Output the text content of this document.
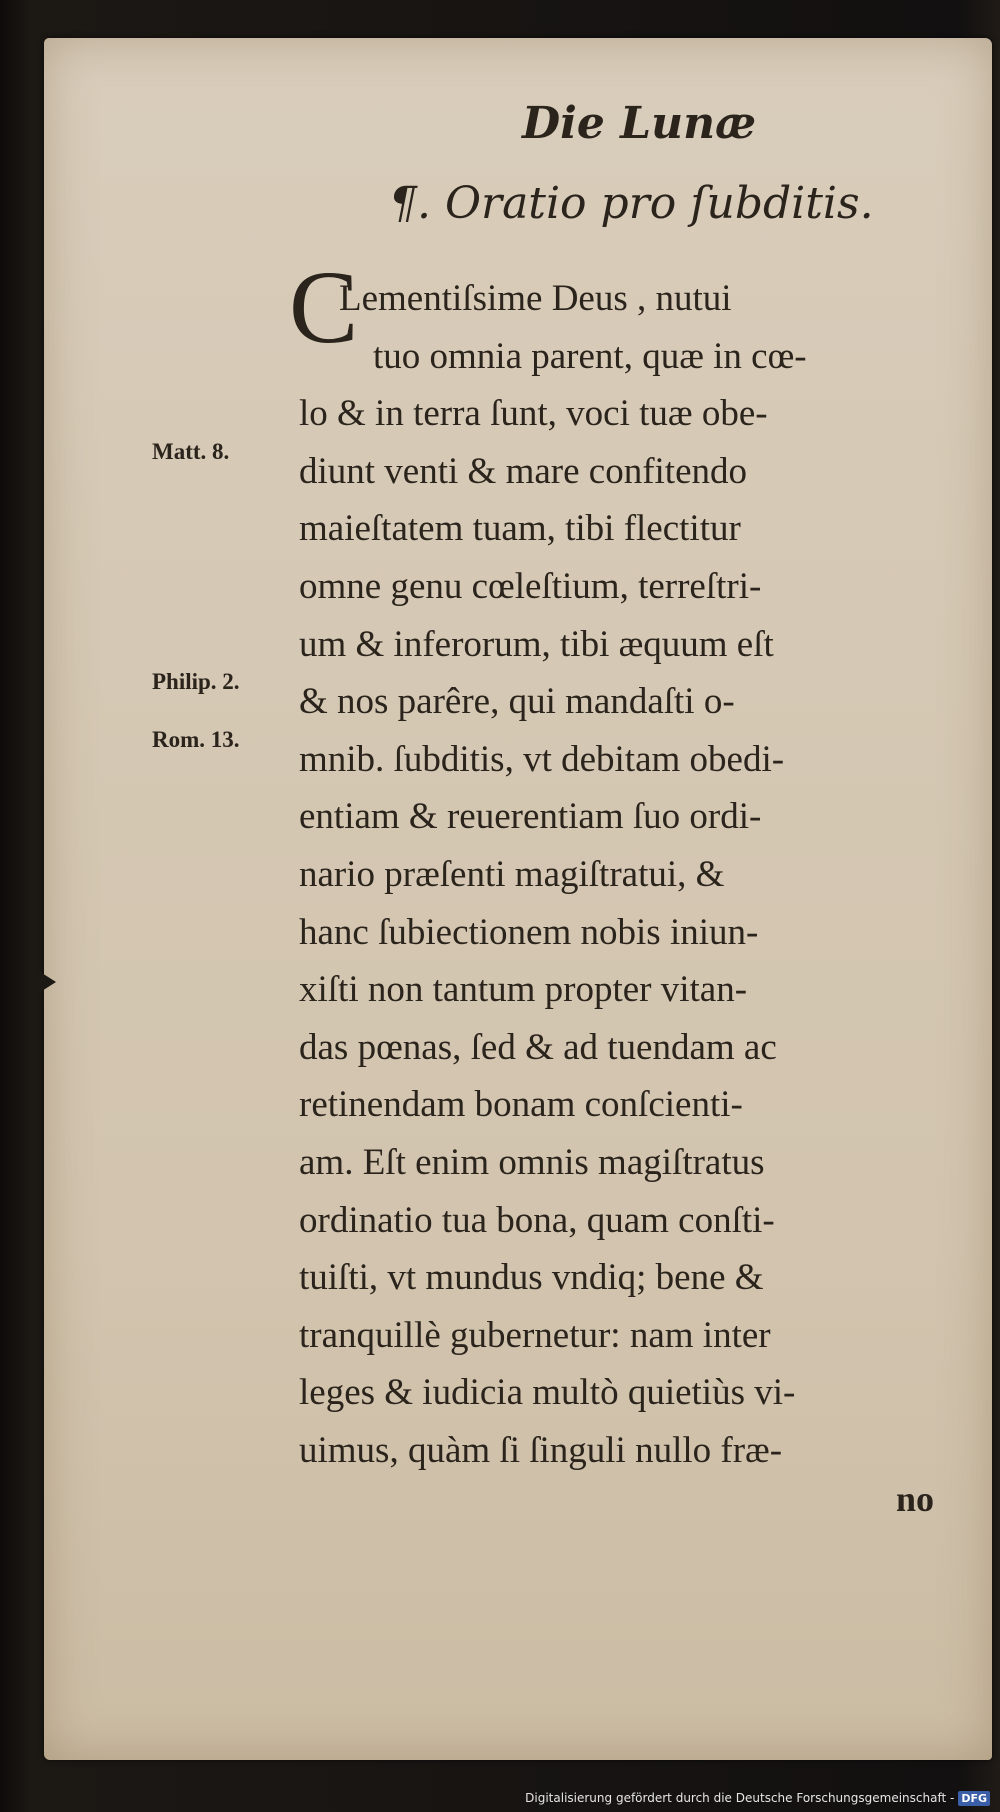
Die Lunæ

¶. Oratio pro ſubditis.

C
Lementiſsime Deus , nutui
tuo omnia parent, quæ in cœ-
lo & in terra ſunt, voci tuæ obe-
diunt venti & mare confitendo
maieſtatem tuam, tibi flectitur
omne genu cœleſtium, terreſtri-
um & inferorum, tibi æquum eſt
& nos parêre, qui mandaſti o-
mnib. ſubditis, vt debitam obedi-
entiam & reuerentiam ſuo ordi-
nario præſenti magiſtratui, &
hanc ſubiectionem nobis iniun-
xiſti non tantum propter vitan-
das pœnas, ſed & ad tuendam ac
retinendam bonam conſcienti-
am. Eſt enim omnis magiſtratus
ordinatio tua bona, quam conſti-
tuiſti, vt mundus vndiq; bene &
tranquillè gubernetur: nam inter
leges & iudicia multò quietiùs vi-
uimus, quàm ſi ſinguli nullo fræ-
Matt. 8.
Philip. 2.
Rom. 13.
no
Digitalisierung gefördert durch die Deutsche Forschungsgemeinschaft - DFG
